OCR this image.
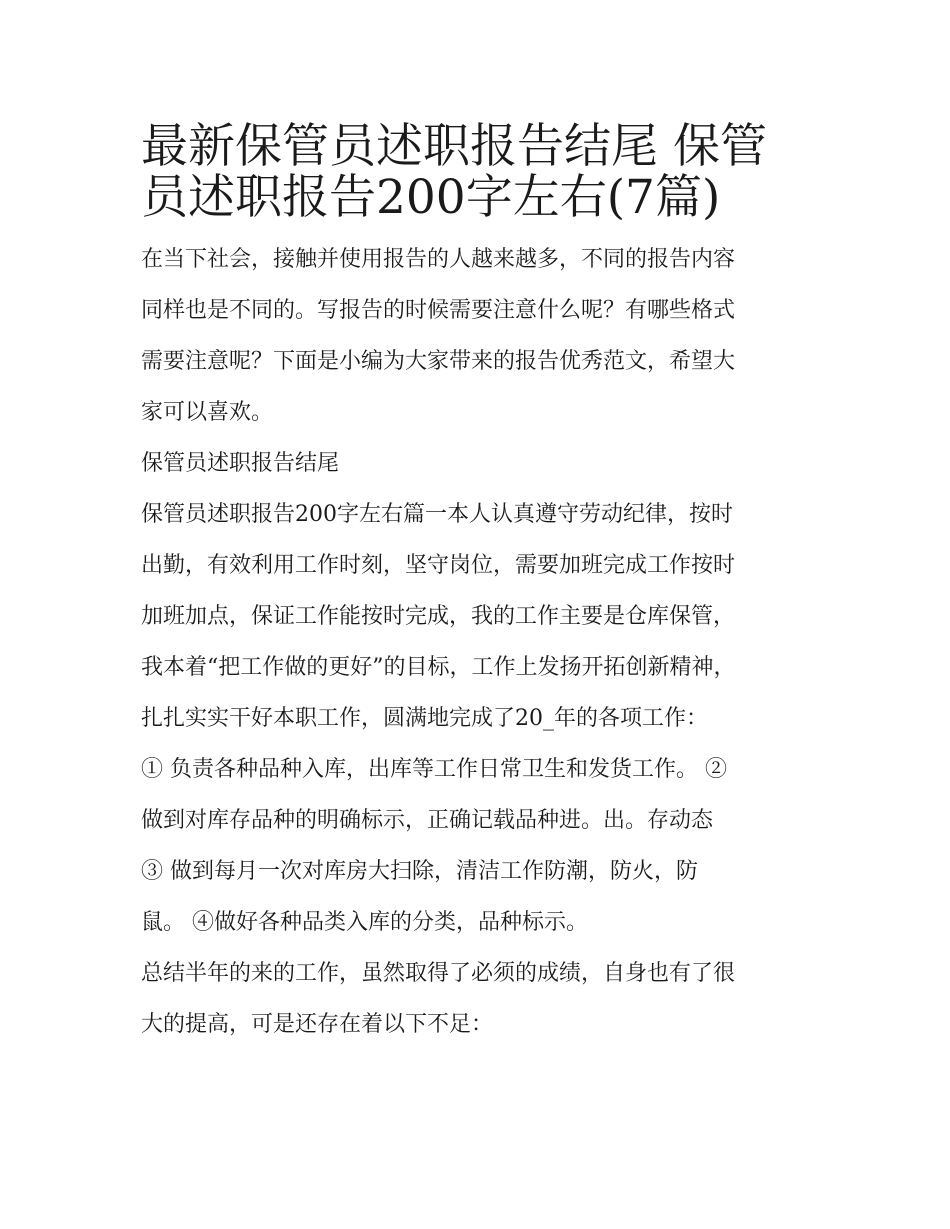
最新保管员述职报告结尾 保管
员述职报告200字左右(7篇)

在当下社会，接触并使用报告的人越来越多，不同的报告内容
同样也是不同的。写报告的时候需要注意什么呢？有哪些格式
需要注意呢？下面是小编为大家带来的报告优秀范文，希望大
家可以喜欢。

保管员述职报告结尾

保管员述职报告200字左右篇一本人认真遵守劳动纪律，按时
出勤，有效利用工作时刻，坚守岗位，需要加班完成工作按时
加班加点，保证工作能按时完成，我的工作主要是仓库保管，
我本着“把工作做的更好”的目标，工作上发扬开拓创新精神，
扎扎实实干好本职工作，圆满地完成了20_年的各项工作：
① 负责各种品种入库，出库等工作日常卫生和发货工作。 ②
做到对库存品种的明确标示，正确记载品种进。出。存动态
③ 做到每月一次对库房大扫除，清洁工作防潮，防火，防
鼠。 ④做好各种品类入库的分类，品种标示。

总结半年的来的工作，虽然取得了必须的成绩，自身也有了很
大的提高，可是还存在着以下不足：
